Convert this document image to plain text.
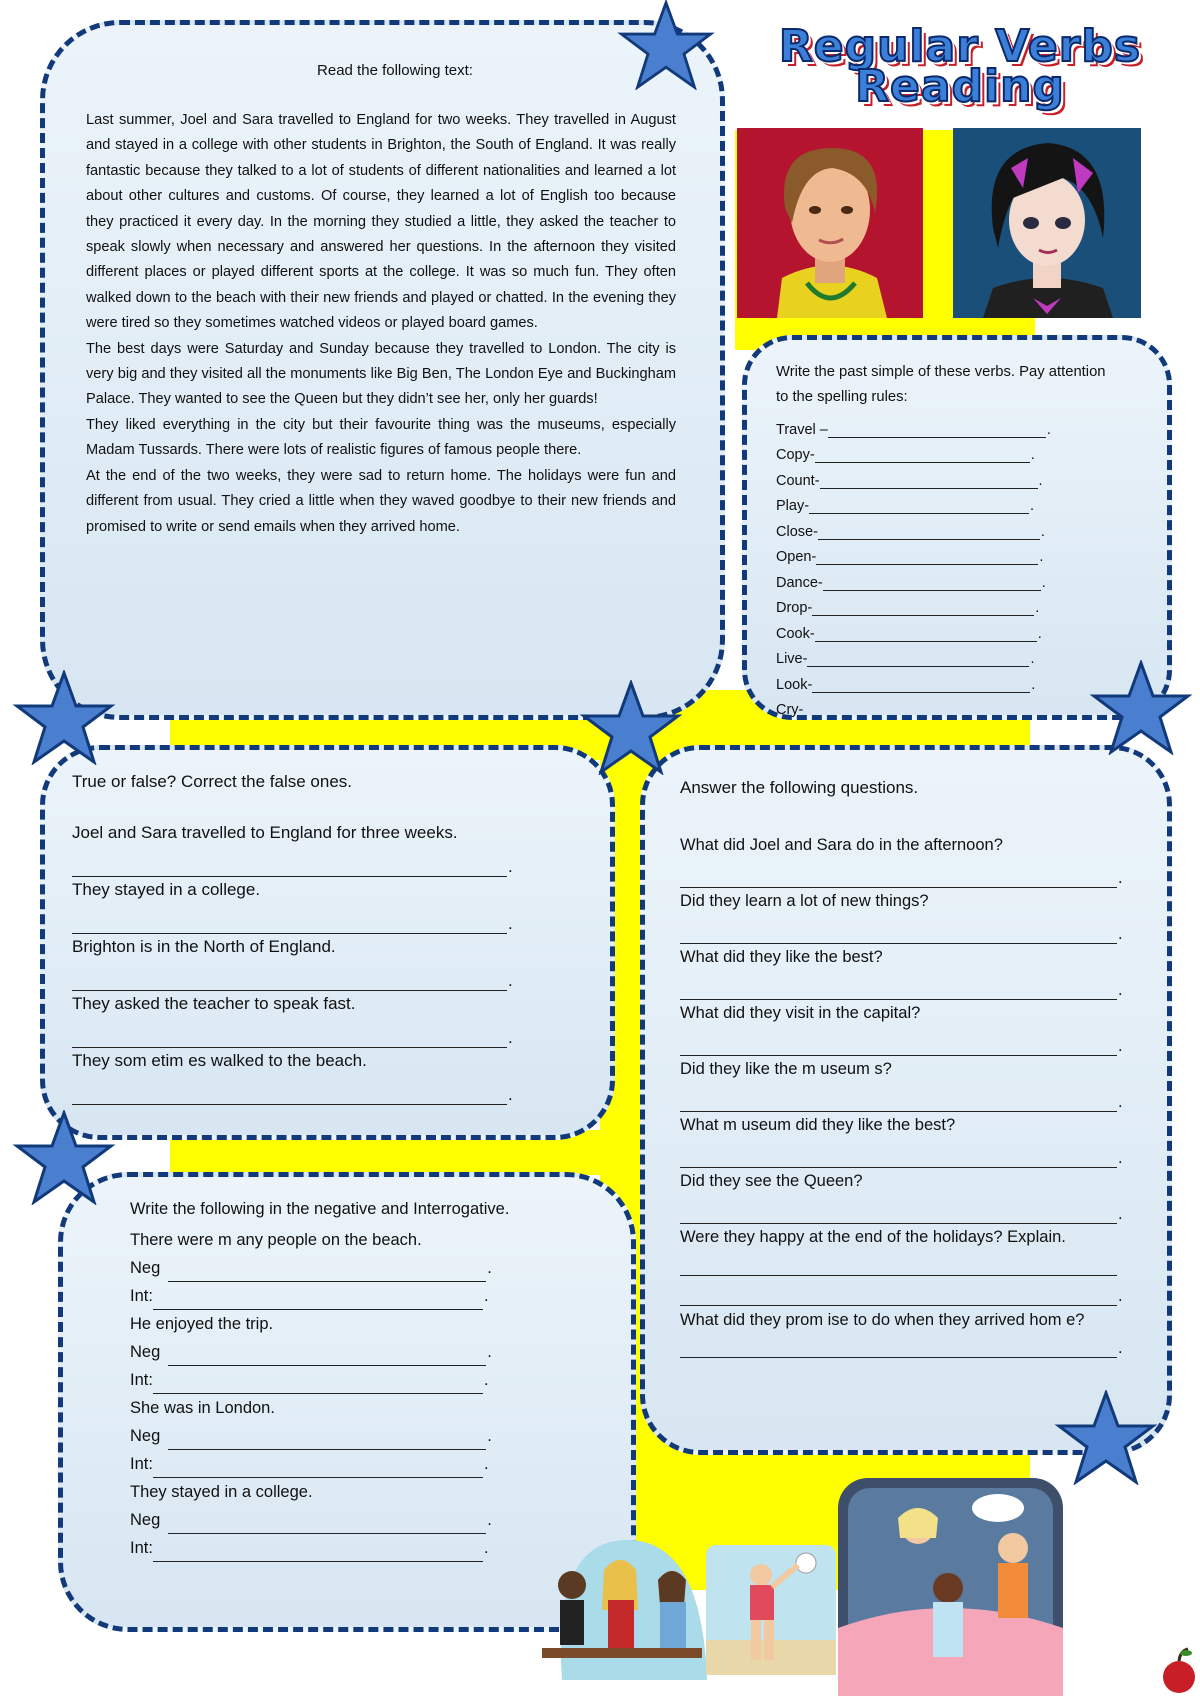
Regular Verbs
Reading
Read the following text:

Last summer, Joel and Sara travelled to England for two weeks. They travelled in August and stayed in a college with other students in Brighton, the South of England. It was really fantastic because they talked to a lot of students of different nationalities and learned a lot about other cultures and customs. Of course, they learned a lot of English too because they practiced it every day. In the morning they studied a little, they asked the teacher to speak slowly when necessary and answered her questions. In the afternoon they visited different places or played different sports at the college. It was so much fun. They often walked down to the beach with their new friends and played or chatted. In the evening they were tired so they sometimes watched videos or played board games.

The best days were Saturday and Sunday because they travelled to London. The city is very big and they visited all the monuments like Big Ben, The London Eye and Buckingham Palace. They wanted to see the Queen but they didn’t see her, only her guards!

They liked everything in the city but their favourite thing was the museums, especially Madam Tussards. There were lots of realistic figures of famous people there.

At the end of the two weeks, they were sad to return home. The holidays were fun and different from usual. They cried a little when they waved goodbye to their new friends and promised to write or send emails when they arrived home.

Write the past simple of these verbs. Pay attention to the spelling rules:
Travel –	.
Copy-	.
Count-	.
Play-	.
Close-	.
Open-	.
Dance-	.
Drop-	.
Cook-	.
Live-	.
Look-	.
Cry-
True or false? Correct the false ones.
Joel and Sara travelled to England for three weeks.
.
They stayed in a college.
.
Brighton is in the North of England.
.
They asked the teacher to speak fast.
.
They som etim es walked to the beach.
.
Answer the following questions.
What did Joel and Sara do in the afternoon?
.
Did they learn a lot of new things?
.
What did they like the best?
.
What did they visit in the capital?
.
Did they like the m useum s?
.
What m useum did they like the best?
.
Did they see the Queen?
.
Were they happy at the end of the holidays? Explain.
.
What did they prom ise to do when they arrived hom e?
.
Write the following in the negative and Interrogative.
There were m any people on the beach.
Neg	.
Int:	.
He enjoyed the trip.
Neg	.
Int:	.
She was in London.
Neg	.
Int:	.
They stayed in a college.
Neg	.
Int:	.
